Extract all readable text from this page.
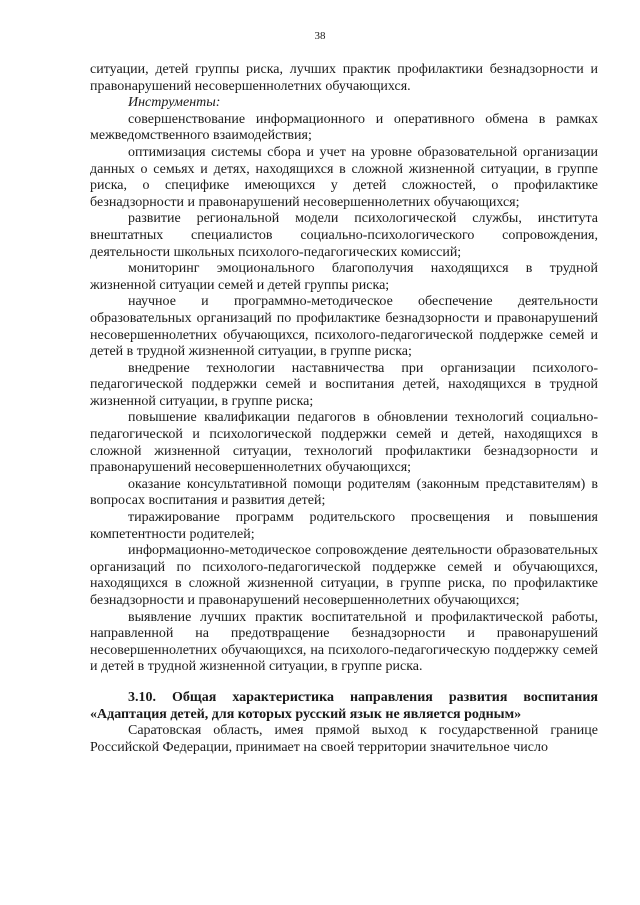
38

ситуации, детей группы риска, лучших практик профилактики безнадзорности и правонарушений несовершеннолетних обучающихся.

Инструменты:

совершенствование информационного и оперативного обмена в рамках межведомственного взаимодействия;

оптимизация системы сбора и учет на уровне образовательной организации данных о семьях и детях, находящихся в сложной жизненной ситуации, в группе риска, о специфике имеющихся у детей сложностей, о профилактике безнадзорности и правонарушений несовершеннолетних обучающихся;

развитие региональной модели психологической службы, института внештатных специалистов социально-психологического сопровождения, деятельности школьных психолого-педагогических комиссий;

мониторинг эмоционального благополучия находящихся в трудной жизненной ситуации семей и детей группы риска;

научное и программно-методическое обеспечение деятельности образовательных организаций по профилактике безнадзорности и правонарушений несовершеннолетних обучающихся, психолого-педагогической поддержке семей и детей в трудной жизненной ситуации, в группе риска;

внедрение технологии наставничества при организации психолого-педагогической поддержки семей и воспитания детей, находящихся в трудной жизненной ситуации, в группе риска;

повышение квалификации педагогов в обновлении технологий социально-педагогической и психологической поддержки семей и детей, находящихся в сложной жизненной ситуации, технологий профилактики безнадзорности и правонарушений несовершеннолетних обучающихся;

оказание консультативной помощи родителям (законным представителям) в вопросах воспитания и развития детей;

тиражирование программ родительского просвещения и повышения компетентности родителей;

информационно-методическое сопровождение деятельности образовательных организаций по психолого-педагогической поддержке семей и обучающихся, находящихся в сложной жизненной ситуации, в группе риска, по профилактике безнадзорности и правонарушений несовершеннолетних обучающихся;

выявление лучших практик воспитательной и профилактической работы, направленной на предотвращение безнадзорности и правонарушений несовершеннолетних обучающихся, на психолого-педагогическую поддержку семей и детей в трудной жизненной ситуации, в группе риска.

3.10. Общая характеристика направления развития воспитания «Адаптация детей, для которых русский язык не является родным»

Саратовская область, имея прямой выход к государственной границе Российской Федерации, принимает на своей территории значительное число
